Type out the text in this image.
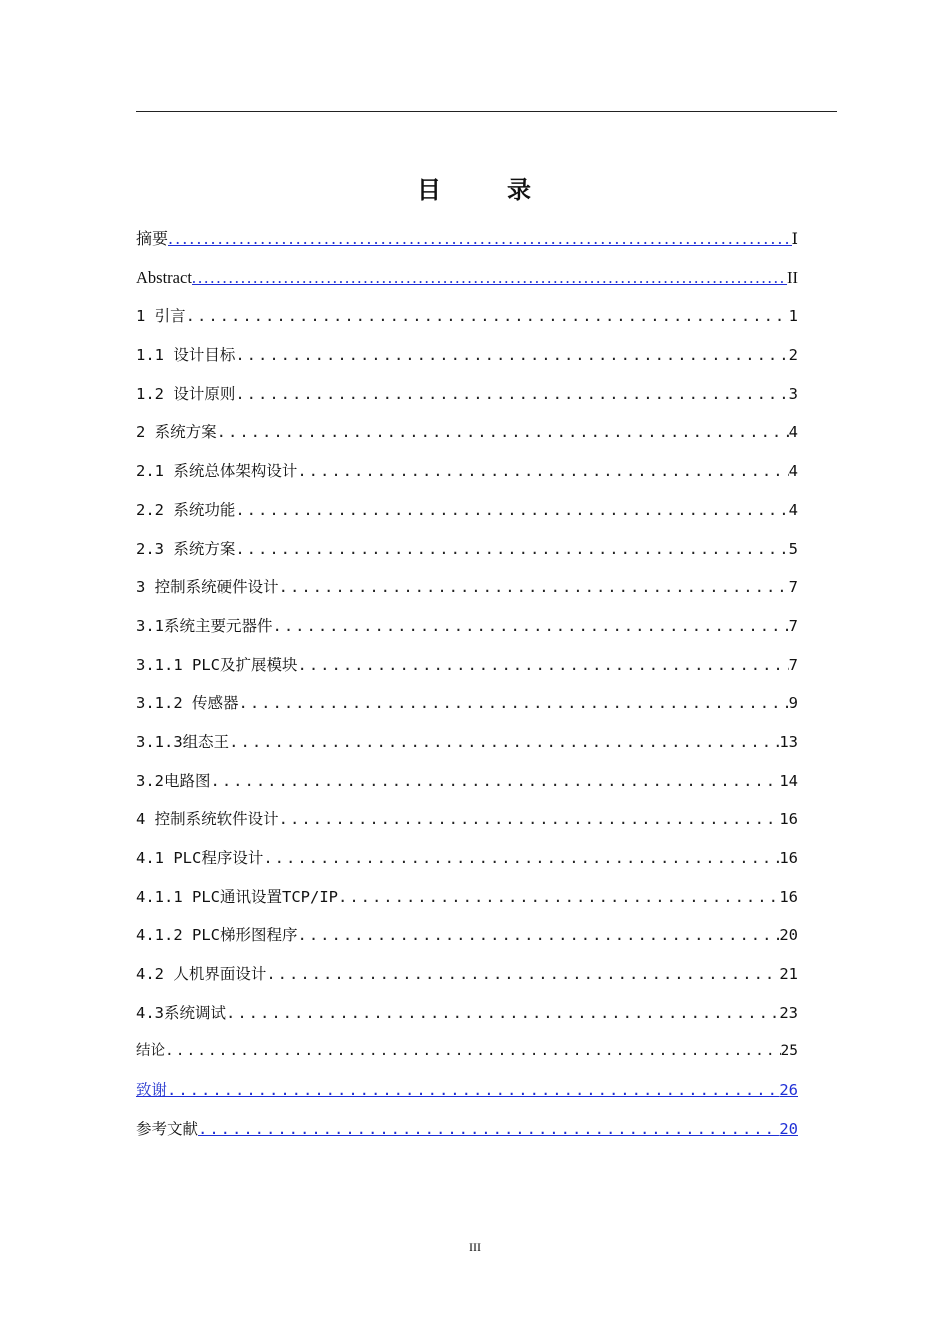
目	录
摘要 .....	I
Abstract .....	II
1 引言 .....	1
1.1 设计目标 .....	2
1.2 设计原则 .....	3
2 系统方案 .....	4
2.1 系统总体架构设计 .....	4
2.2 系统功能 .....	4
2.3 系统方案 .....	5
3 控制系统硬件设计 .....	7
3.1系统主要元器件 .....	7
3.1.1 PLC及扩展模块 .....	7
3.1.2 传感器 .....	9
3.1.3组态王 .....	13
3.2电路图 .....	14
4 控制系统软件设计 .....	16
4.1 PLC程序设计 .....	16
4.1.1 PLC通讯设置TCP/IP .....	16
4.1.2 PLC梯形图程序 .....	20
4.2 人机界面设计 .....	21
4.3系统调试 .....	23
结论 .....	25
致谢 .....	26
参考文献 .....	20
III
